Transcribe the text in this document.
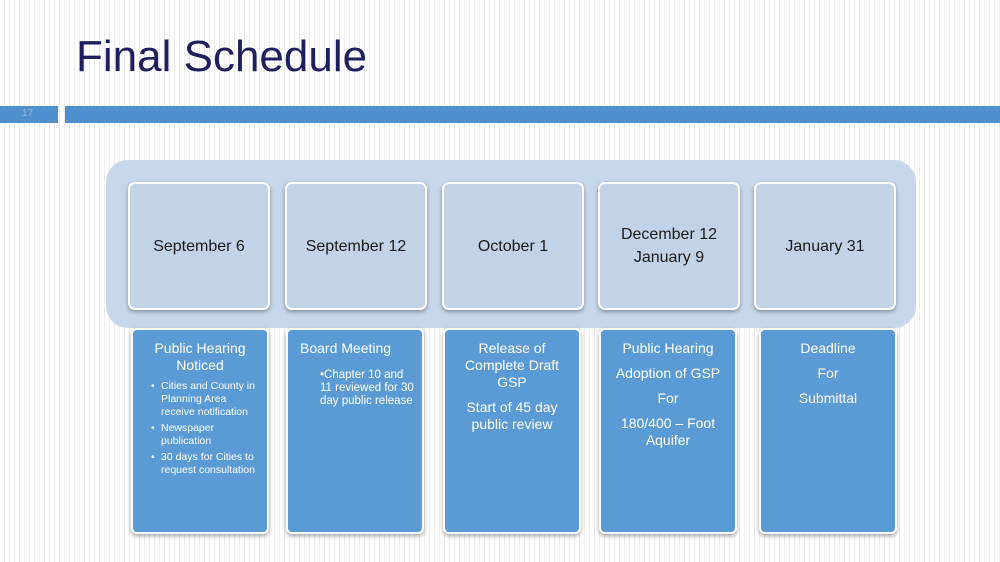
Final Schedule
17
September 6	September 12	October 1
December 12
January 9
January 31
Public Hearing Noticed
• Cities and County in Planning Area receive notification
• Newspaper publication
• 30 days for Cities to request consultation
Board Meeting
•Chapter 10 and 11 reviewed for 30 day public release
Release of Complete Draft GSP
Start of 45 day public review
Public Hearing
Adoption of GSP
For
180/400 – Foot Aquifer
Deadline
For
Submittal
